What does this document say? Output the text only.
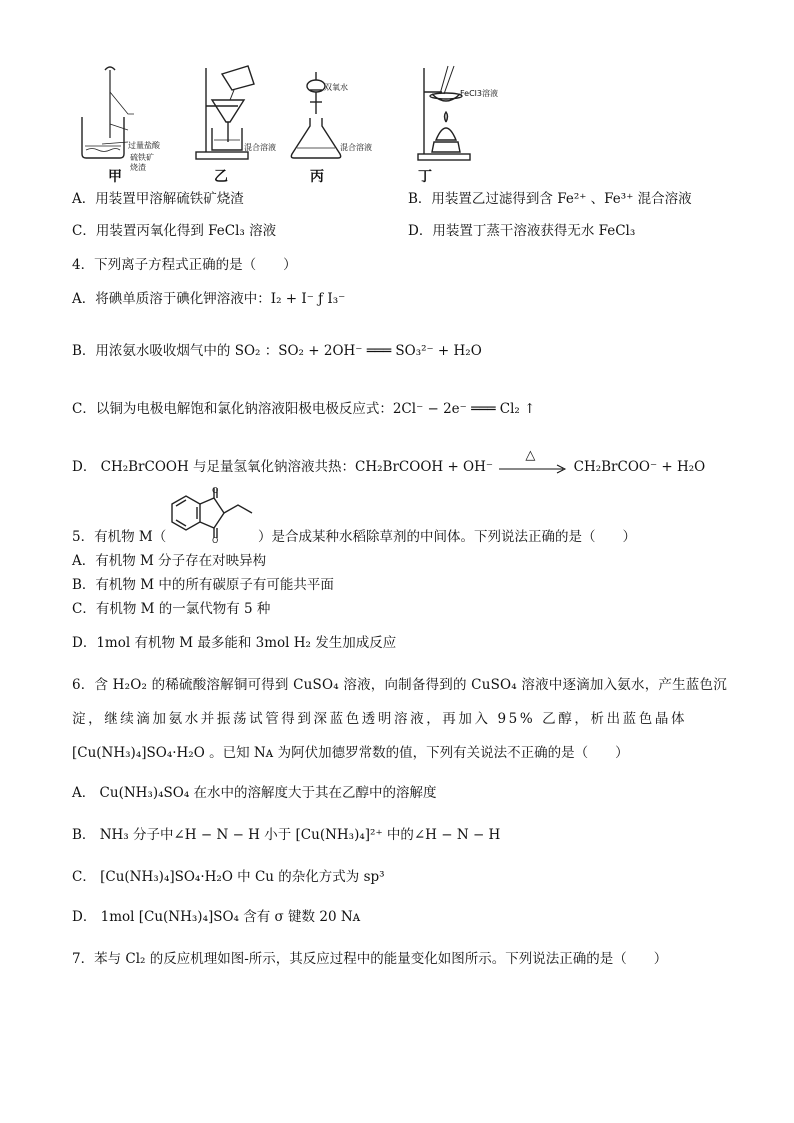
过量盐酸
硫铁矿
烧渣
混合溶液
双氧水
混合溶液
FeCl3溶液
甲	乙	丙	丁
A．用装置甲溶解硫铁矿烧渣	B．用装置乙过滤得到含 Fe²⁺ 、Fe³⁺ 混合溶液
C．用装置丙氧化得到 FeCl₃ 溶液	D．用装置丁蒸干溶液获得无水 FeCl₃
4．下列离子方程式正确的是（　　）
A．将碘单质溶于碘化钾溶液中：I₂ + I⁻ ƒ I₃⁻
B．用浓氨水吸收烟气中的 SO₂ ：SO₂ + 2OH⁻ ═══ SO₃²⁻ + H₂O
C．以铜为电极电解饱和氯化钠溶液阳极电极反应式：2Cl⁻ − 2e⁻ ═══ Cl₂ ↑
D． CH₂BrCOOH 与足量氢氧化钠溶液共热：CH₂BrCOOH + OH⁻
△
CH₂BrCOO⁻ + H₂O
5．有机物 M（
O
O	）是合成某种水稻除草剂的中间体。下列说法正确的是（　　）
A．有机物 M 分子存在对映异构
B．有机物 M 中的所有碳原子有可能共平面
C．有机物 M 的一氯代物有 5 种
D．1mol 有机物 M 最多能和 3mol H₂ 发生加成反应
6．含 H₂O₂ 的稀硫酸溶解铜可得到 CuSO₄ 溶液，向制备得到的 CuSO₄ 溶液中逐滴加入氨水，产生蓝色沉
淀，继续滴加氨水并振荡试管得到深蓝色透明溶液，再加入 95% 乙醇，析出蓝色晶体
[Cu(NH₃)₄]SO₄·H₂O 。已知 Nᴀ 为阿伏加德罗常数的值，下列有关说法不正确的是（　　）
A． Cu(NH₃)₄SO₄ 在水中的溶解度大于其在乙醇中的溶解度
B． NH₃ 分子中∠H − N − H 小于 [Cu(NH₃)₄]²⁺ 中的∠H − N − H
C． [Cu(NH₃)₄]SO₄·H₂O 中 Cu 的杂化方式为 sp³
D． 1mol [Cu(NH₃)₄]SO₄ 含有 σ 键数 20 Nᴀ
7．苯与 Cl₂ 的反应机理如图-所示，其反应过程中的能量变化如图所示。下列说法正确的是（　　）
